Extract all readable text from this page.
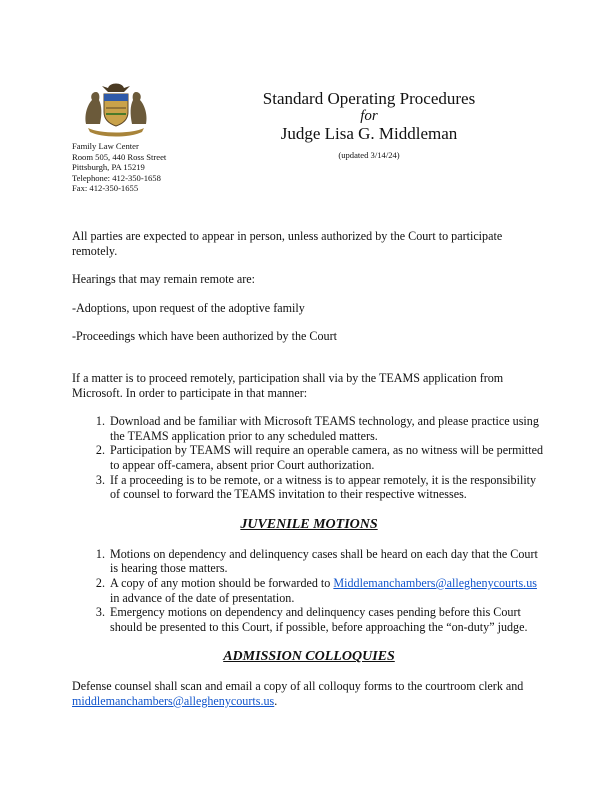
Family Law Center
Room 505, 440 Ross Street
Pittsburgh, PA 15219
Telephone: 412-350-1658
Fax: 412-350-1655
Standard Operating Procedures
for
Judge Lisa G. Middleman
(updated 3/14/24)

All parties are expected to appear in person, unless authorized by the Court to participate remotely.

Hearings that may remain remote are:

-Adoptions, upon request of the adoptive family

-Proceedings which have been authorized by the Court

If a matter is to proceed remotely, participation shall via by the TEAMS application from Microsoft. In order to participate in that manner:

1. Download and be familiar with Microsoft TEAMS technology, and please practice using the TEAMS application prior to any scheduled matters.
2. Participation by TEAMS will require an operable camera, as no witness will be permitted to appear off-camera, absent prior Court authorization.
3. If a proceeding is to be remote, or a witness is to appear remotely, it is the responsibility of counsel to forward the TEAMS invitation to their respective witnesses.
JUVENILE MOTIONS
1. Motions on dependency and delinquency cases shall be heard on each day that the Court is hearing those matters.
2. A copy of any motion should be forwarded to Middlemanchambers@alleghenycourts.us in advance of the date of presentation.
3. Emergency motions on dependency and delinquency cases pending before this Court should be presented to this Court, if possible, before approaching the “on-duty” judge.
ADMISSION COLLOQUIES

Defense counsel shall scan and email a copy of all colloquy forms to the courtroom clerk and middlemanchambers@alleghenycourts.us.
